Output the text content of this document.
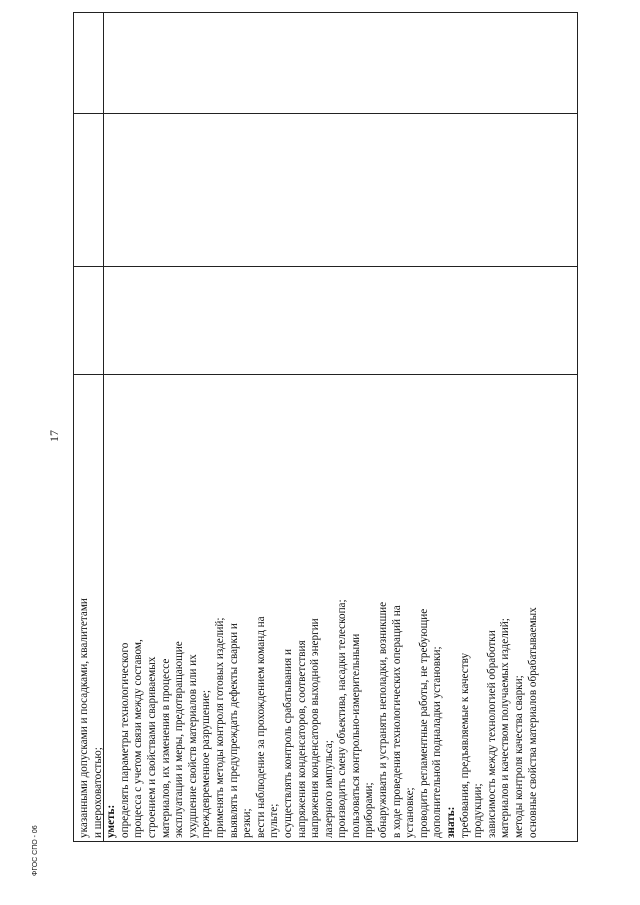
указанными допусками и посадками, квалитетами и шероховатостью; уметь: определять параметры технологического процесса с учетом связи между составом, строением и свойствами свариваемых материалов, их изменения в процессе эксплуатации и меры, предотвращающие ухудшение свойств материалов или их преждевременное разрушение; применять методы контроля готовых изделий; выявлять и предупреждать дефекты сварки и резки; вести наблюдение за прохождением команд на пульте; осуществлять контроль срабатывания и напряжения конденсаторов, соответствия напряжения конденсаторов выходной энергии лазерного импульса; производить смену объектива, насадки телескопа; пользоваться контрольно-измерительными приборами; обнаруживать и устранять неполадки, возникшие в ходе проведения технологических операций на установке; проводить регламентные работы, не требующие дополнительной подналадки установки; знать: требования, предъявляемые к качеству продукции; зависимость между технологией обработки материалов и качеством получаемых изделий; методы контроля качества сварки; основные свойства материалов обрабатываемых
17
ФГОС СПО - 06
